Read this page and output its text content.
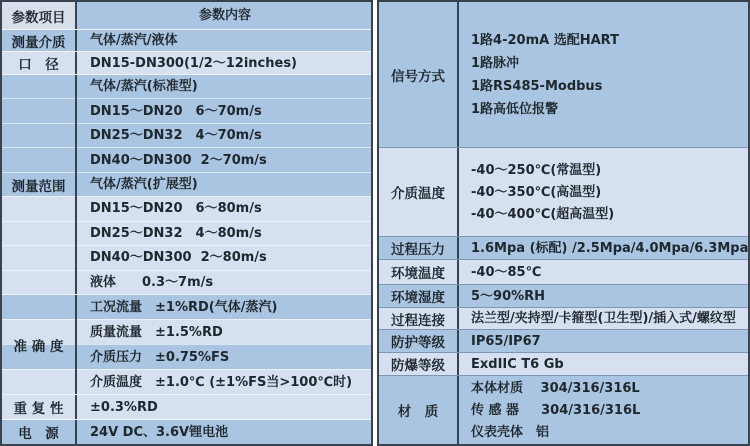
参数内容
参数项目
气体/蒸汽/液体
测量介质
DN15-DN300(1/2～12inches)
口　径
气体/蒸汽(标准型)
DN15～DN20　6～70m/s
DN25～DN32　4～70m/s
DN40～DN300  2～70m/s
气体/蒸汽(扩展型)
DN15～DN20　6～80m/s
DN25～DN32　4～80m/s
DN40～DN300  2～80m/s
液体　　0.3～7m/s
测量范围
工况流量　±1%RD(气体/蒸汽)
质量流量　±1.5%RD
介质压力　±0.75%FS
介质温度　±1.0℃ (±1%FS当>100℃时)
准 确 度
±0.3%RD
重 复 性
24V DC、3.6V锂电池
电　源
1路4-20mA 选配HART
1路脉冲
1路RS485-Modbus
1路高低位报警
信号方式
-40～250℃(常温型)
-40～350℃(高温型)
-40～400℃(超高温型)
介质温度
1.6Mpa (标配) /2.5Mpa/4.0Mpa/6.3Mpa
过程压力
-40～85℃
环境温度
5～90%RH
环境湿度
法兰型/夹持型/卡箍型(卫生型)/插入式/螺纹型
过程连接
IP65/IP67
防护等级
ExdIIC T6 Gb
防爆等级
本体材质　 304/316/316L
传 感 器　  304/316/316L
仪表壳体　铝
材　质
